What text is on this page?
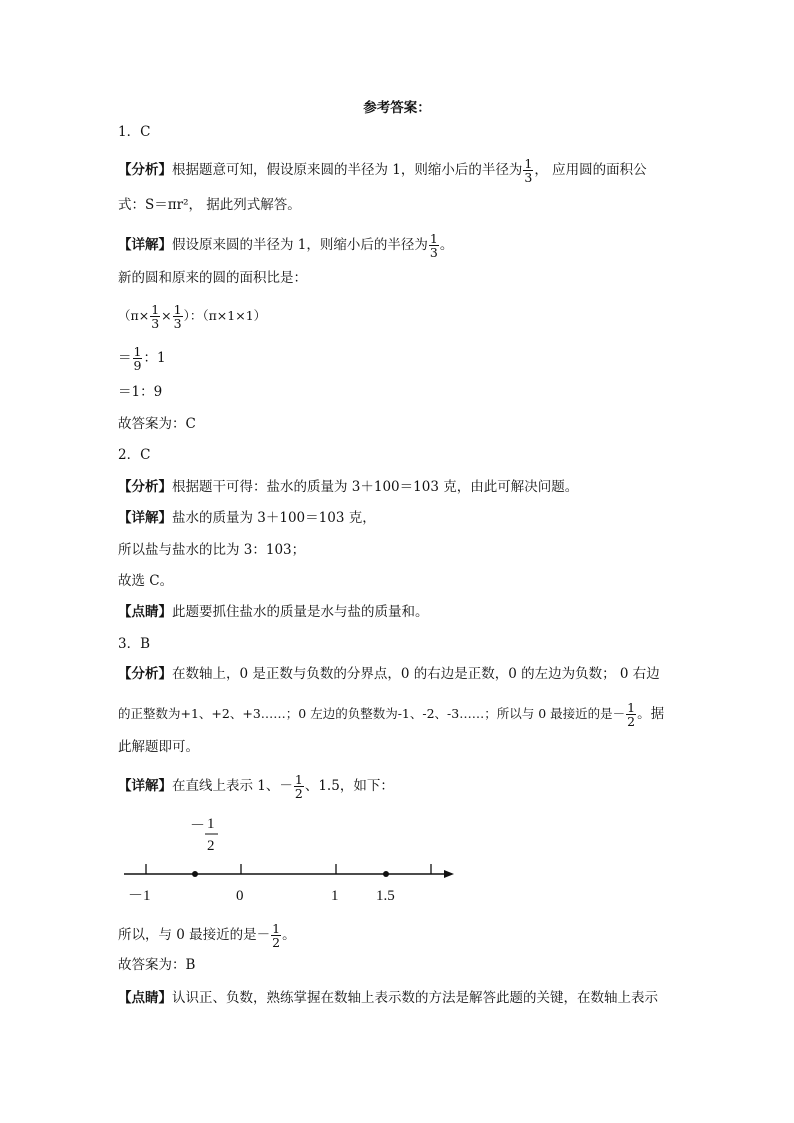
参考答案：
1．C
【分析】根据题意可知，假设原来圆的半径为 1，则缩小后的半径为 $\frac{1}{3}$ ， 应用圆的面积公
式：S＝πr²， 据此列式解答。
【详解】假设原来圆的半径为 1，则缩小后的半径为 $\frac{1}{3}$ 。
新的圆和原来的圆的面积比是：
（$\pi\times \frac{1}{3} \times \frac{1}{3}$ ）：（π×1×1）
＝ $\frac{1}{9}$ ：1
＝1：9
故答案为：C
2．C
【分析】根据题干可得：盐水的质量为 3＋100＝103 克，由此可解决问题。
【详解】盐水的质量为 3＋100＝103 克，
所以盐与盐水的比为 3：103；
故选 C。
【点睛】此题要抓住盐水的质量是水与盐的质量和。
3．B
【分析】在数轴上，0 是正数与负数的分界点，0 的右边是正数，0 的左边为负数； 0 右边
的正整数为+1、+2、+3……；0 左边的负整数为-1、-2、-3……；所以与 0 最接近的是－ $\frac{1}{2}$ 。据
此解题即可。
【详解】在直线上表示 1、－ $\frac{1}{2}$ 、1.5，如下：
－ 1
2
－1	0	1	1.5
所以，与 0 最接近的是－ $\frac{1}{2}$ 。
故答案为：B
【点睛】认识正、负数，熟练掌握在数轴上表示数的方法是解答此题的关键，在数轴上表示
